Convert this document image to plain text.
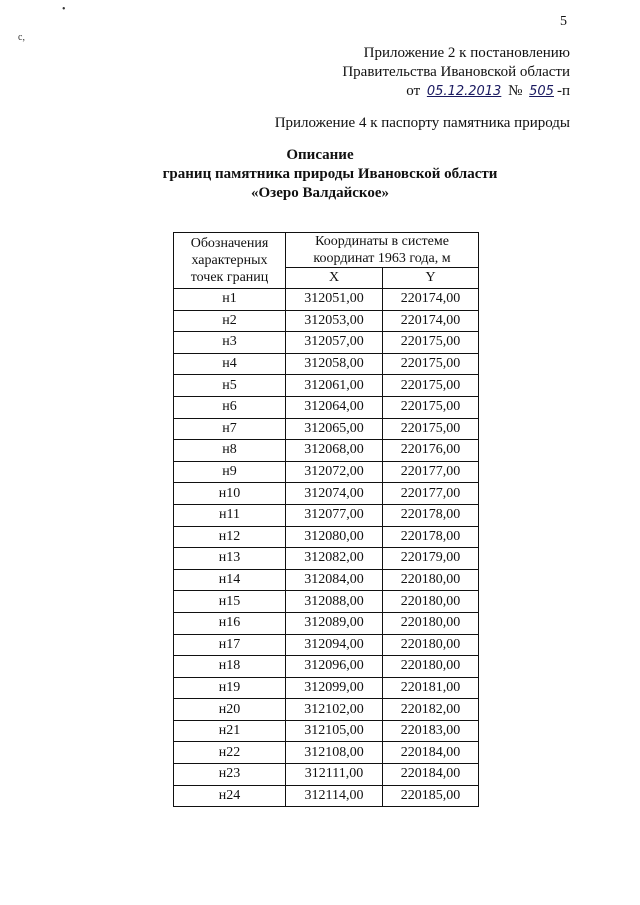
5
•
c,
Приложение 2 к постановлению
Правительства Ивановской области
от 05.12.2013 № 505 -п
Приложение 4 к паспорту памятника природы
Описание
границ памятника природы Ивановской области
«Озеро Валдайское»
Обозначения характерных точек границ	Координаты в системе координат 1963 года, м	
	X	Y
н1	312051,00	220174,00
н2	312053,00	220174,00
н3	312057,00	220175,00
н4	312058,00	220175,00
н5	312061,00	220175,00
н6	312064,00	220175,00
н7	312065,00	220175,00
н8	312068,00	220176,00
н9	312072,00	220177,00
н10	312074,00	220177,00
н11	312077,00	220178,00
н12	312080,00	220178,00
н13	312082,00	220179,00
н14	312084,00	220180,00
н15	312088,00	220180,00
н16	312089,00	220180,00
н17	312094,00	220180,00
н18	312096,00	220180,00
н19	312099,00	220181,00
н20	312102,00	220182,00
н21	312105,00	220183,00
н22	312108,00	220184,00
н23	312111,00	220184,00
н24	312114,00	220185,00
